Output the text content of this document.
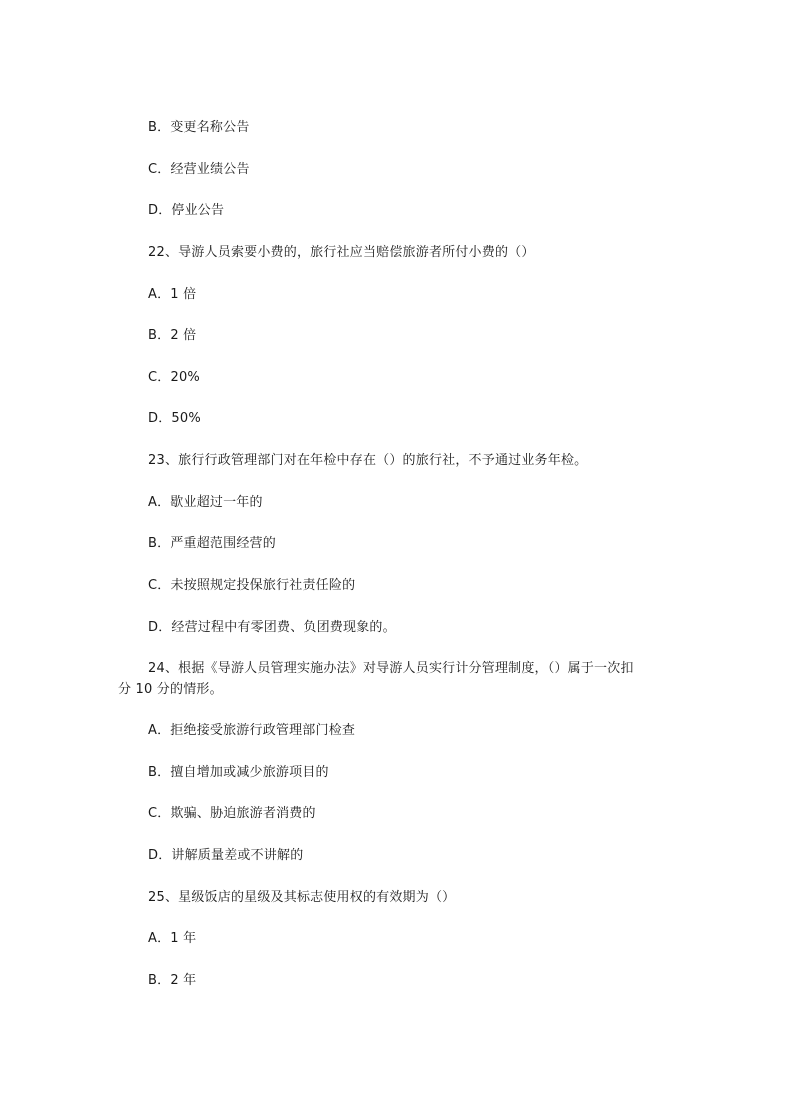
B．变更名称公告
C．经营业绩公告
D．停业公告
22、导游人员索要小费的，旅行社应当赔偿旅游者所付小费的（）
A．1 倍
B．2 倍
C．20%
D．50%
23、旅行行政管理部门对在年检中存在（）的旅行社，不予通过业务年检。
A．歇业超过一年的
B．严重超范围经营的
C．未按照规定投保旅行社责任险的
D．经营过程中有零团费、负团费现象的。
24、根据《导游人员管理实施办法》对导游人员实行计分管理制度，（）属于一次扣
分 10 分的情形。
A．拒绝接受旅游行政管理部门检查
B．擅自增加或减少旅游项目的
C．欺骗、胁迫旅游者消费的
D．讲解质量差或不讲解的
25、星级饭店的星级及其标志使用权的有效期为（）
A．1 年
B．2 年
